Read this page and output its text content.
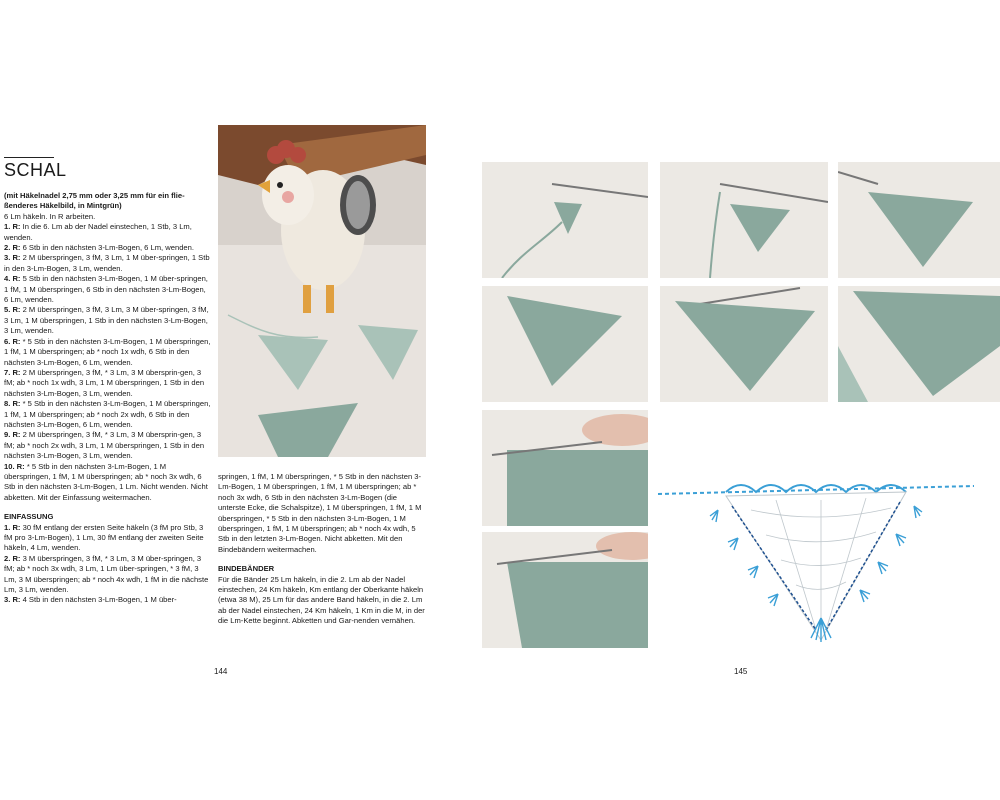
SCHAL

(mit Häkelnadel 2,75 mm oder 3,25 mm für ein flie-ßenderes Häkelbild, in Mintgrün)

6 Lm häkeln. In R arbeiten.

1. R: In die 6. Lm ab der Nadel einstechen, 1 Stb, 3 Lm, wenden.

2. R: 6 Stb in den nächsten 3-Lm-Bogen, 6 Lm, wenden.

3. R: 2 M überspringen, 3 fM, 3 Lm, 1 M über-springen, 1 Stb in den 3-Lm-Bogen, 3 Lm, wenden.

4. R: 5 Stb in den nächsten 3-Lm-Bogen, 1 M über-springen, 1 fM, 1 M überspringen, 6 Stb in den nächsten 3-Lm-Bogen, 6 Lm, wenden.

5. R: 2 M überspringen, 3 fM, 3 Lm, 3 M über-springen, 3 fM, 3 Lm, 1 M überspringen, 1 Stb in den nächsten 3-Lm-Bogen, 3 Lm, wenden.

6. R: * 5 Stb in den nächsten 3-Lm-Bogen, 1 M überspringen, 1 fM, 1 M überspringen; ab * noch 1x wdh, 6 Stb in den nächsten 3-Lm-Bogen, 6 Lm, wenden.

7. R: 2 M überspringen, 3 fM, * 3 Lm, 3 M übersprin-gen, 3 fM; ab * noch 1x wdh, 3 Lm, 1 M überspringen, 1 Stb in den nächsten 3-Lm-Bogen, 3 Lm, wenden.

8. R: * 5 Stb in den nächsten 3-Lm-Bogen, 1 M überspringen, 1 fM, 1 M überspringen; ab * noch 2x wdh, 6 Stb in den nächsten 3-Lm-Bogen, 6 Lm, wenden.

9. R: 2 M überspringen, 3 fM, * 3 Lm, 3 M übersprin-gen, 3 fM; ab * noch 2x wdh, 3 Lm, 1 M überspringen, 1 Stb in den nächsten 3-Lm-Bogen, 3 Lm, wenden.

10. R: * 5 Stb in den nächsten 3-Lm-Bogen, 1 M überspringen, 1 fM, 1 M überspringen; ab * noch 3x wdh, 6 Stb in den nächsten 3-Lm-Bogen, 1 Lm. Nicht wenden. Nicht abketten. Mit der Einfassung weitermachen.

EINFASSUNG

1. R: 30 fM entlang der ersten Seite häkeln (3 fM pro Stb, 3 fM pro 3-Lm-Bogen), 1 Lm, 30 fM entlang der zweiten Seite häkeln, 4 Lm, wenden.

2. R: 3 M überspringen, 3 fM, * 3 Lm, 3 M über-springen, 3 fM; ab * noch 3x wdh, 3 Lm, 1 Lm über-springen, * 3 fM, 3 Lm, 3 M überspringen; ab * noch 4x wdh, 1 fM in die nächste Lm, 3 Lm, wenden.

3. R: 4 Stb in den nächsten 3-Lm-Bogen, 1 M über-

springen, 1 fM, 1 M überspringen, * 5 Stb in den nächsten 3-Lm-Bogen, 1 M überspringen, 1 fM, 1 M überspringen; ab * noch 3x wdh, 6 Stb in den nächsten 3-Lm-Bogen (die unterste Ecke, die Schalspitze), 1 M überspringen, 1 fM, 1 M überspringen, * 5 Stb in den nächsten 3-Lm-Bogen, 1 M überspringen, 1 fM, 1 M überspringen; ab * noch 4x wdh, 5 Stb in den letzten 3-Lm-Bogen. Nicht abketten. Mit den Bindebändern weitermachen.

BINDEBÄNDER

Für die Bänder 25 Lm häkeln, in die 2. Lm ab der Nadel einstechen, 24 Km häkeln, Km entlang der Oberkante häkeln (etwa 38 M), 25 Lm für das andere Band häkeln, in die 2. Lm ab der Nadel einstechen, 24 Km häkeln, 1 Km in die M, in der die Lm-Kette beginnt. Abketten und Gar-nenden vernähen.

144	145
